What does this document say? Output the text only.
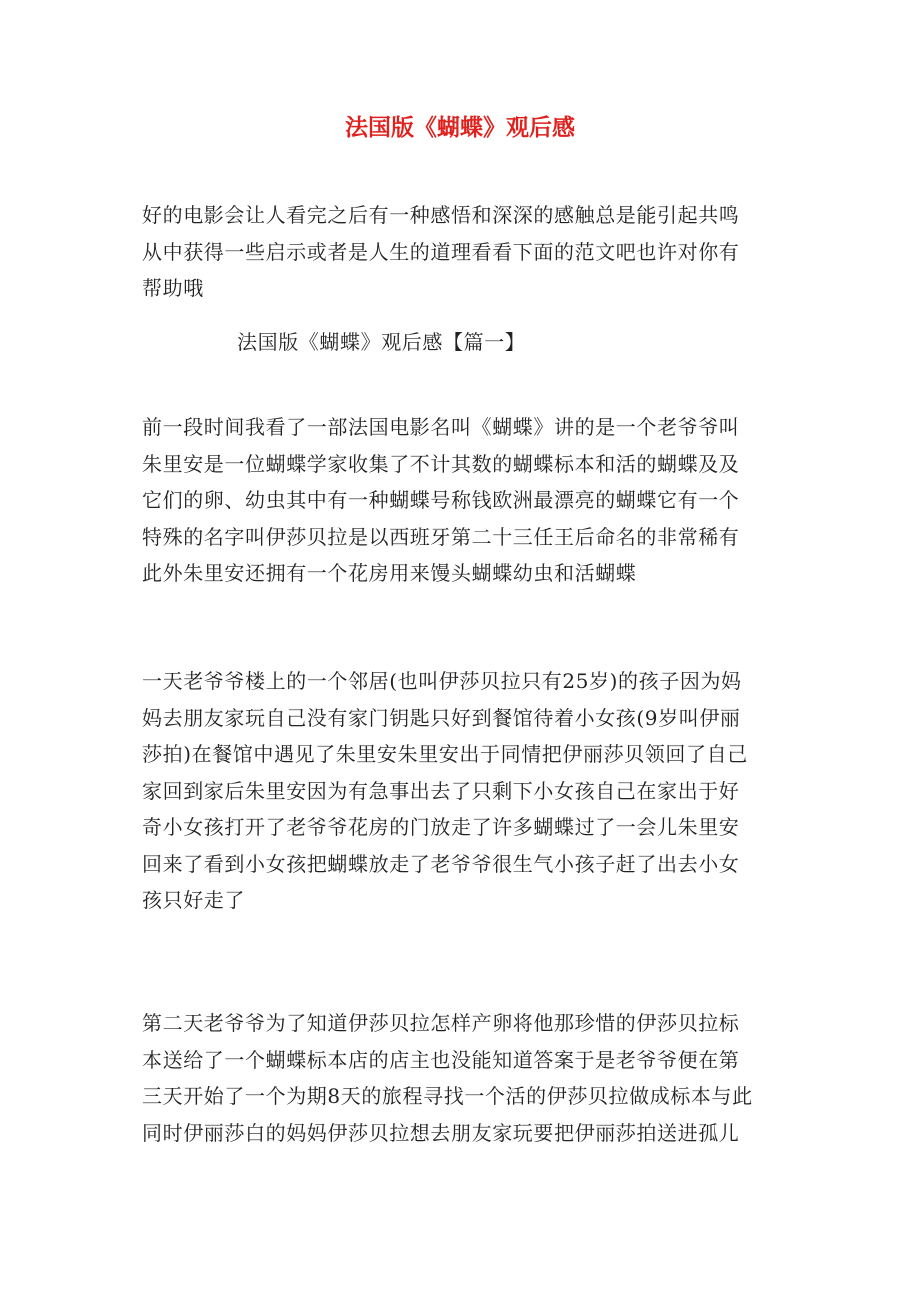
法国版《蝴蝶》观后感

好的电影会让人看完之后有一种感悟和深深的感触总是能引起共鸣
从中获得一些启示或者是人生的道理看看下面的范文吧也许对你有
帮助哦

法国版《蝴蝶》观后感【篇一】

前一段时间我看了一部法国电影名叫《蝴蝶》讲的是一个老爷爷叫
朱里安是一位蝴蝶学家收集了不计其数的蝴蝶标本和活的蝴蝶及及
它们的卵、幼虫其中有一种蝴蝶号称钱欧洲最漂亮的蝴蝶它有一个
特殊的名字叫伊莎贝拉是以西班牙第二十三任王后命名的非常稀有
此外朱里安还拥有一个花房用来馒头蝴蝶幼虫和活蝴蝶

一天老爷爷楼上的一个邻居(也叫伊莎贝拉只有25岁)的孩子因为妈
妈去朋友家玩自己没有家门钥匙只好到餐馆待着小女孩(9岁叫伊丽
莎拍)在餐馆中遇见了朱里安朱里安出于同情把伊丽莎贝领回了自己
家回到家后朱里安因为有急事出去了只剩下小女孩自己在家出于好
奇小女孩打开了老爷爷花房的门放走了许多蝴蝶过了一会儿朱里安
回来了看到小女孩把蝴蝶放走了老爷爷很生气小孩子赶了出去小女
孩只好走了

第二天老爷爷为了知道伊莎贝拉怎样产卵将他那珍惜的伊莎贝拉标
本送给了一个蝴蝶标本店的店主也没能知道答案于是老爷爷便在第
三天开始了一个为期8天的旅程寻找一个活的伊莎贝拉做成标本与此
同时伊丽莎白的妈妈伊莎贝拉想去朋友家玩要把伊丽莎拍送进孤儿
